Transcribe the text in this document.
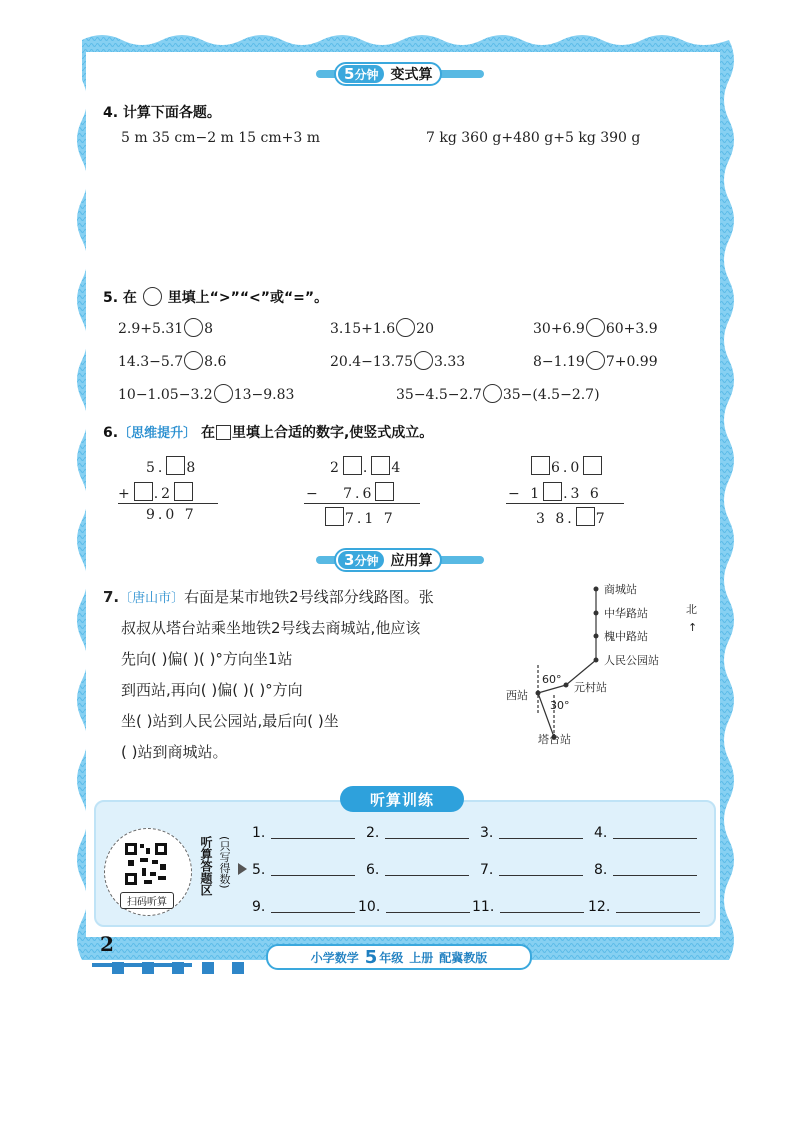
5 分钟 变式算
4. 计算下面各题。
5 m 35 cm−2 m 15 cm+3 m	7 kg 360 g+480 g+5 kg 390 g
5. 在 里填上“>”“<”或“=”。
2.9+5.31 8	3.15+1.6 20	30+6.9 60+3.9
14.3−5.7 8.6	20.4−13.75 3.33	8−1.19 7+0.99
10−1.05−3.2 13−9.83	35−4.5−2.7 35−(4.5−2.7)
6.〔思维提升〕 在 里填上合适的数字,使竖式成立。
5. 8
+ .2
9.0 7
2 . 4
− 7.6
7.1 7
6.0
− 1 .3 6
3 8. 7
3 分钟 应用算
7.〔唐山市〕右面是某市地铁2号线部分线路图。张
叔叔从塔台站乘坐地铁2号线去商城站,他应该
先向( )偏( )( )°方向坐1站
到西站,再向( )偏( )( )°方向
坐( )站到人民公园站,最后向( )坐
( )站到商城站。
商城站
中华路站
槐中路站
人民公园站
元村站
西站
塔台站
60°
30°
北
↑
听算训练
扫码听算
听算答题区 (只写得数)
1.	2.	3.	4.
5.	6.	7.	8.
9.	10.	11.	12.
2
小学数学 5 年级 上册 配冀教版
